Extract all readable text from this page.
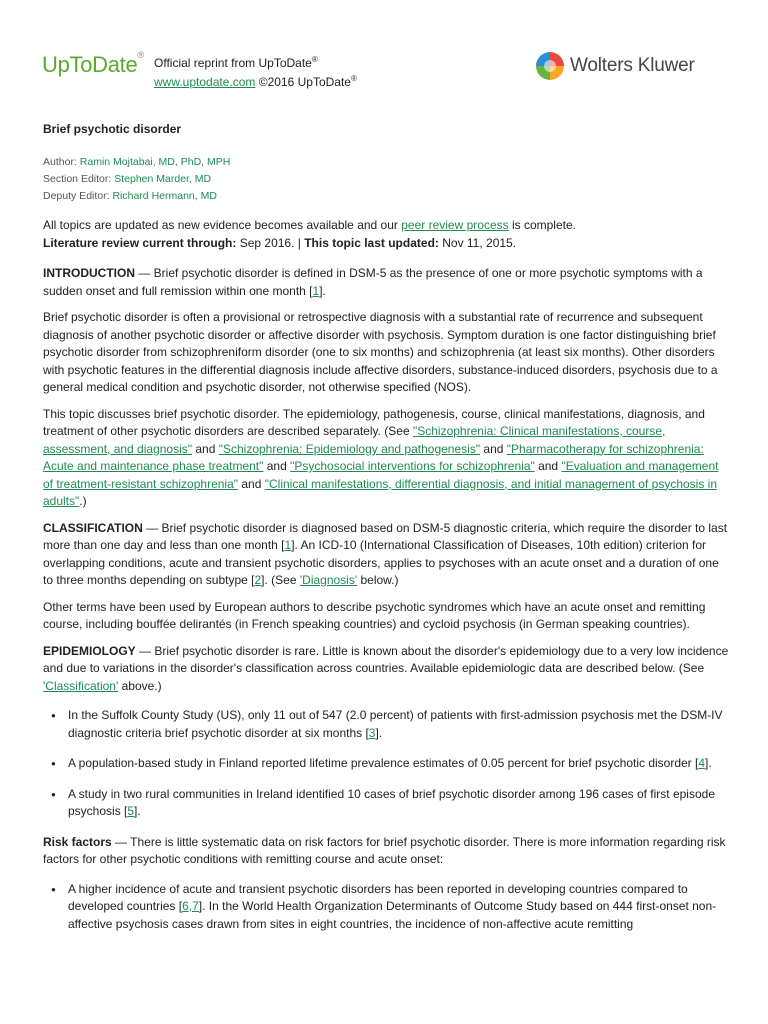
UpToDate®
Official reprint from UpToDate®
www.uptodate.com ©2016 UpToDate®
Wolters Kluwer
Brief psychotic disorder
Author: Ramin Mojtabai, MD, PhD, MPH
Section Editor: Stephen Marder, MD
Deputy Editor: Richard Hermann, MD

All topics are updated as new evidence becomes available and our peer review process is complete.

Literature review current through: Sep 2016. | This topic last updated: Nov 11, 2015.

INTRODUCTION — Brief psychotic disorder is defined in DSM-5 as the presence of one or more psychotic symptoms with a sudden onset and full remission within one month [1].

Brief psychotic disorder is often a provisional or retrospective diagnosis with a substantial rate of recurrence and subsequent diagnosis of another psychotic disorder or affective disorder with psychosis. Symptom duration is one factor distinguishing brief psychotic disorder from schizophreniform disorder (one to six months) and schizophrenia (at least six months). Other disorders with psychotic features in the differential diagnosis include affective disorders, substance-induced disorders, psychosis due to a general medical condition and psychotic disorder, not otherwise specified (NOS).

This topic discusses brief psychotic disorder. The epidemiology, pathogenesis, course, clinical manifestations, diagnosis, and treatment of other psychotic disorders are described separately. (See "Schizophrenia: Clinical manifestations, course, assessment, and diagnosis" and "Schizophrenia: Epidemiology and pathogenesis" and "Pharmacotherapy for schizophrenia: Acute and maintenance phase treatment" and "Psychosocial interventions for schizophrenia" and "Evaluation and management of treatment-resistant schizophrenia" and "Clinical manifestations, differential diagnosis, and initial management of psychosis in adults".)

CLASSIFICATION — Brief psychotic disorder is diagnosed based on DSM-5 diagnostic criteria, which require the disorder to last more than one day and less than one month [1]. An ICD-10 (International Classification of Diseases, 10th edition) criterion for overlapping conditions, acute and transient psychotic disorders, applies to psychoses with an acute onset and a duration of one to three months depending on subtype [2]. (See 'Diagnosis' below.)

Other terms have been used by European authors to describe psychotic syndromes which have an acute onset and remitting course, including bouffée delirantés (in French speaking countries) and cycloid psychosis (in German speaking countries).

EPIDEMIOLOGY — Brief psychotic disorder is rare. Little is known about the disorder's epidemiology due to a very low incidence and due to variations in the disorder's classification across countries. Available epidemiologic data are described below. (See 'Classification' above.)

● In the Suffolk County Study (US), only 11 out of 547 (2.0 percent) of patients with first-admission psychosis met the DSM-IV diagnostic criteria brief psychotic disorder at six months [3].
● A population-based study in Finland reported lifetime prevalence estimates of 0.05 percent for brief psychotic disorder [4].
● A study in two rural communities in Ireland identified 10 cases of brief psychotic disorder among 196 cases of first episode psychosis [5].

Risk factors — There is little systematic data on risk factors for brief psychotic disorder. There is more information regarding risk factors for other psychotic conditions with remitting course and acute onset:

● A higher incidence of acute and transient psychotic disorders has been reported in developing countries compared to developed countries [6,7]. In the World Health Organization Determinants of Outcome Study based on 444 first-onset non-affective psychosis cases drawn from sites in eight countries, the incidence of non-affective acute remitting
